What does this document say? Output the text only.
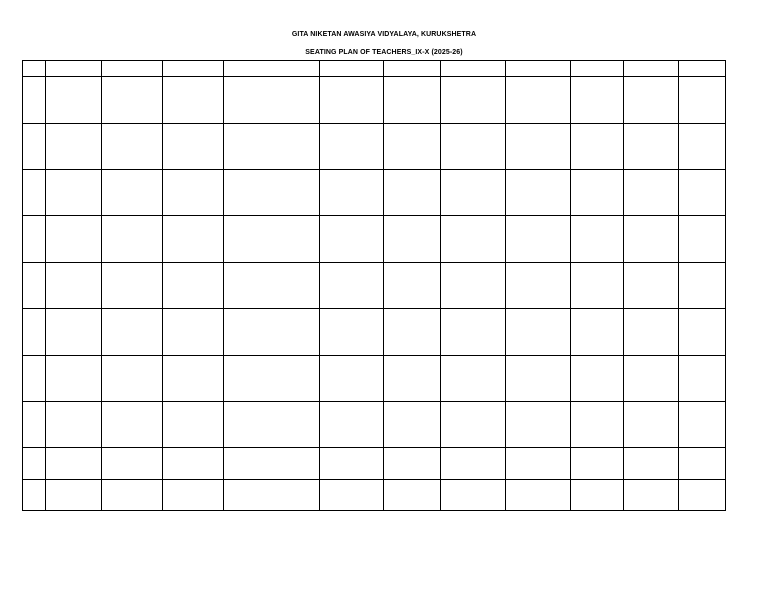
GITA NIKETAN AWASIYA VIDYALAYA, KURUKSHETRA
SEATING PLAN OF TEACHERS_IX-X (2025-26)
